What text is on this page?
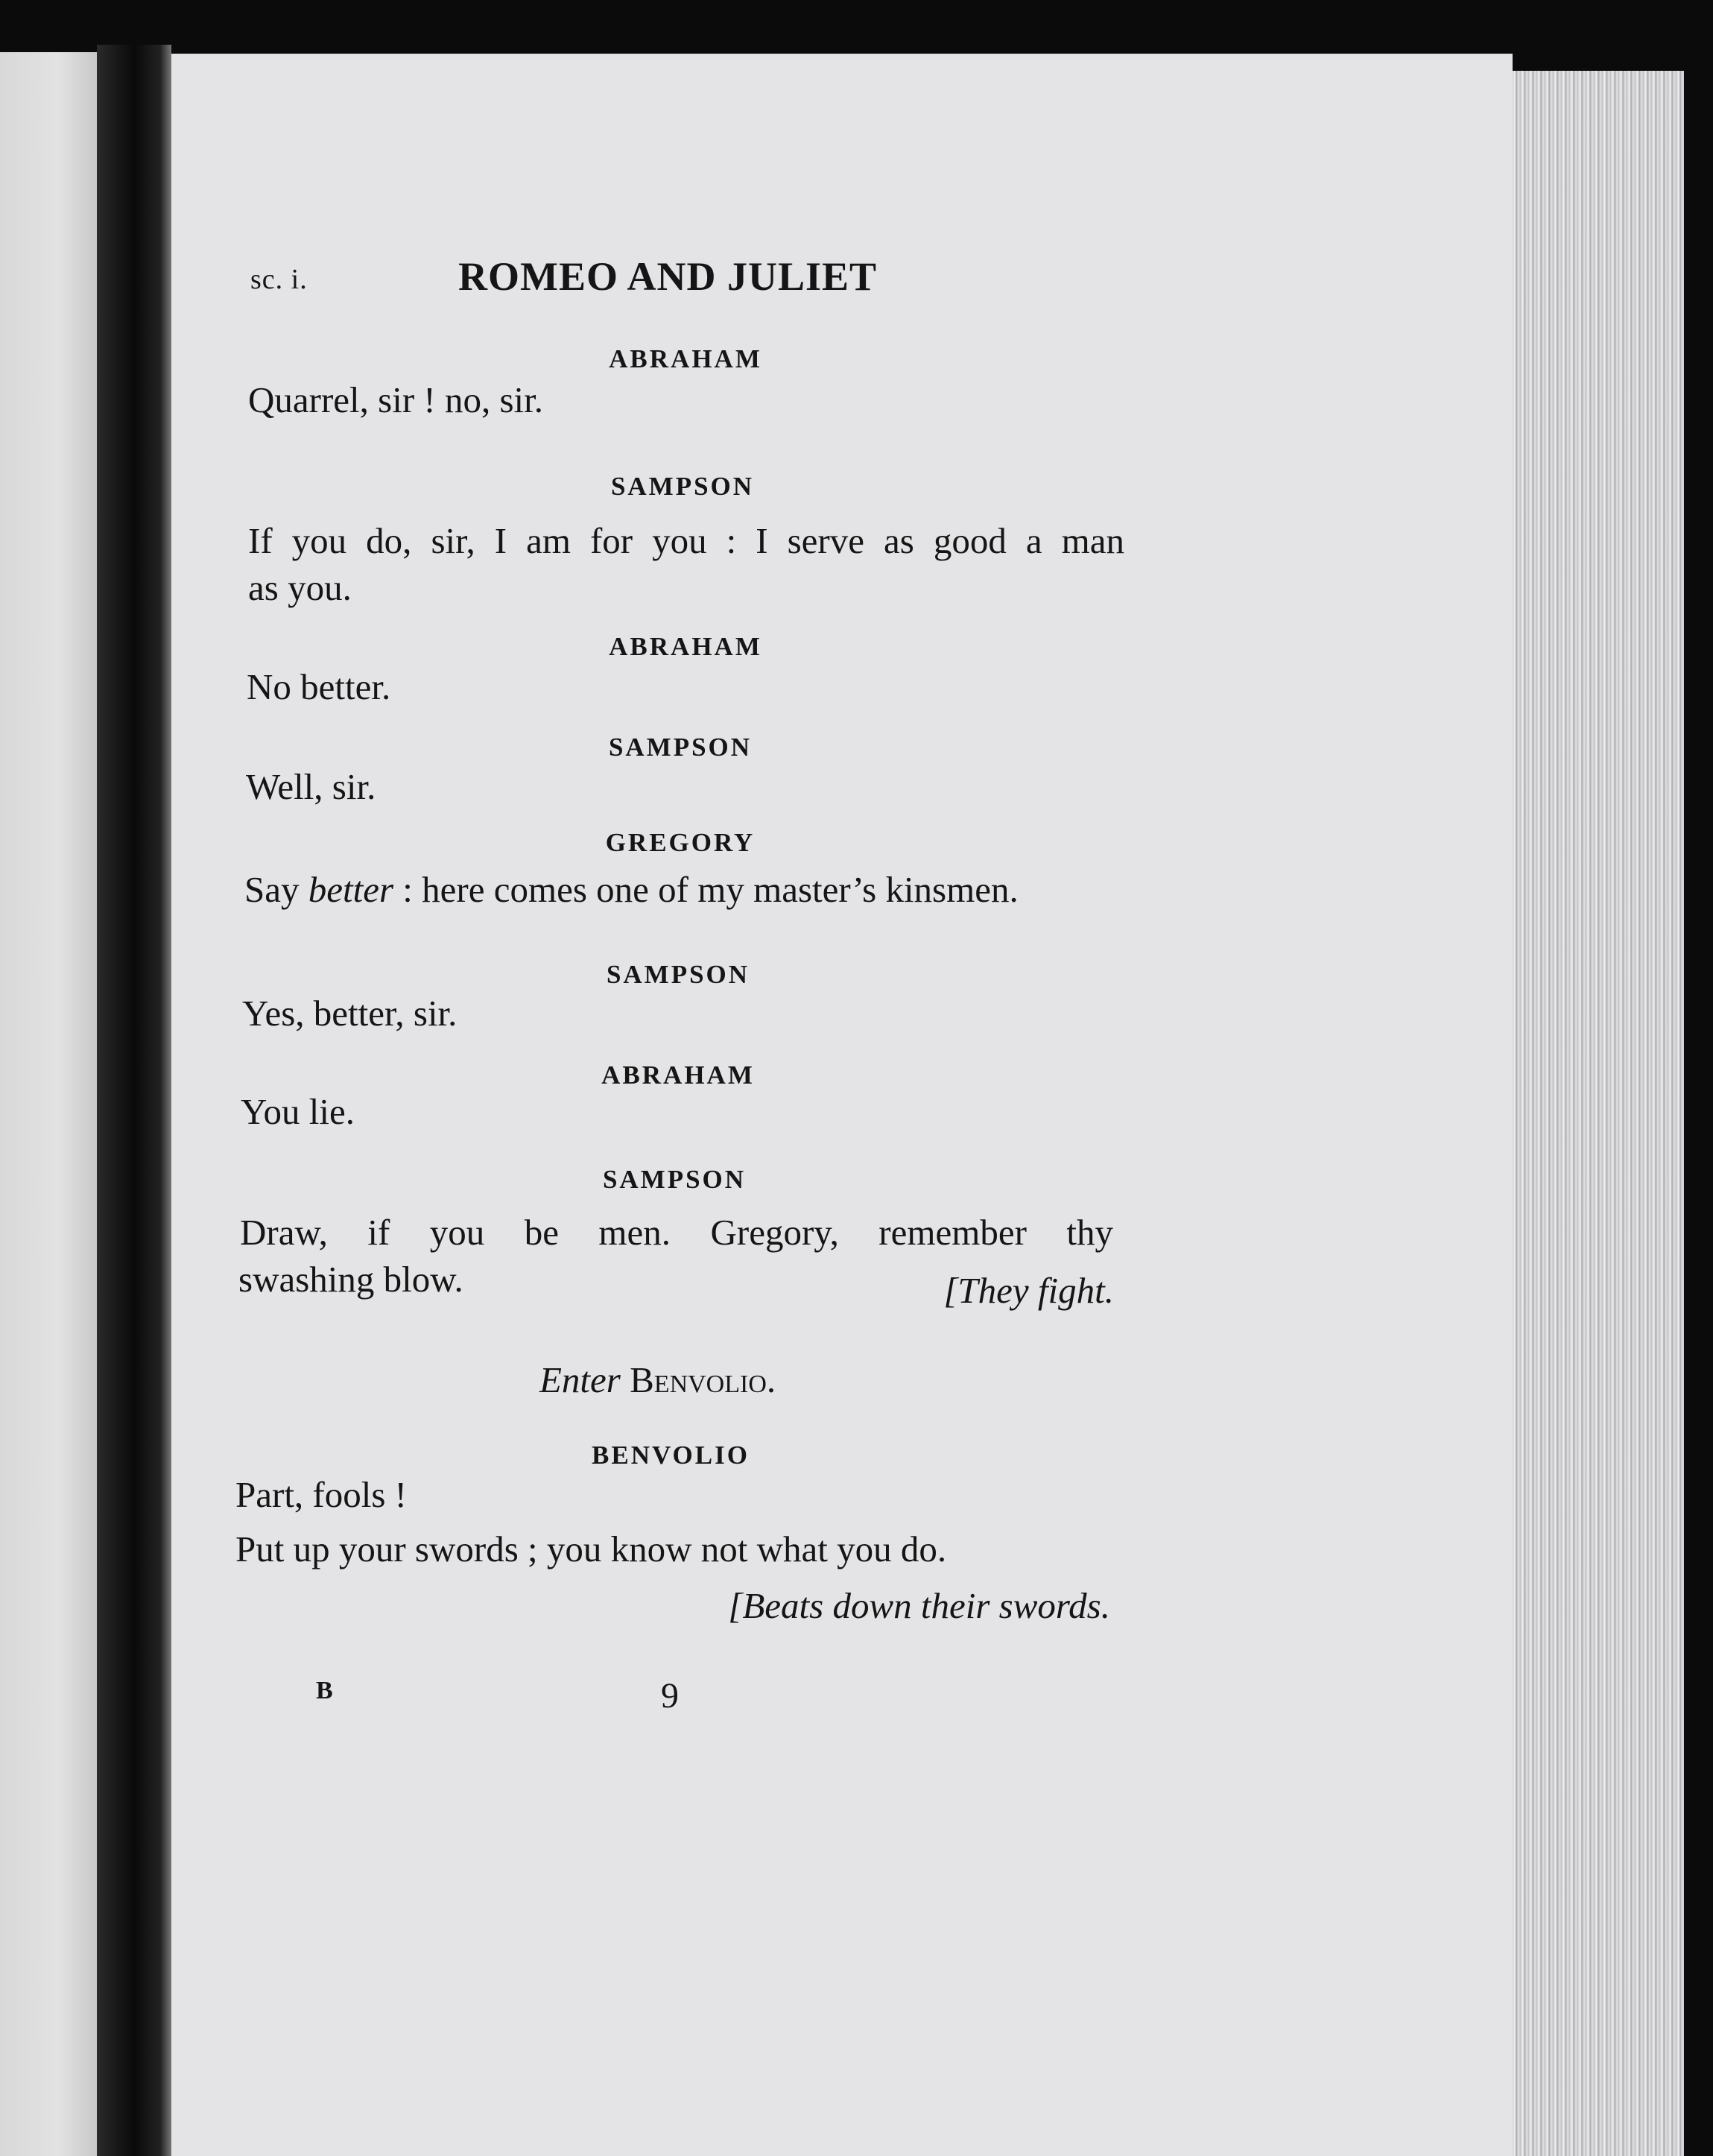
sc. i.	ROMEO AND JULIET
ABRAHAM
Quarrel, sir ! no, sir.
SAMPSON
If you do, sir, I am for you : I serve as good a man
as you.
ABRAHAM
No better.
SAMPSON
Well, sir.
GREGORY
Say better : here comes one of my master’s kinsmen.
SAMPSON
Yes, better, sir.
ABRAHAM
You lie.
SAMPSON
Draw, if you be men. Gregory, remember thy
swashing blow.	[They fight.
Enter Benvolio.
BENVOLIO
Part, fools !
Put up your swords ; you know not what you do.
[Beats down their swords.
B	9
